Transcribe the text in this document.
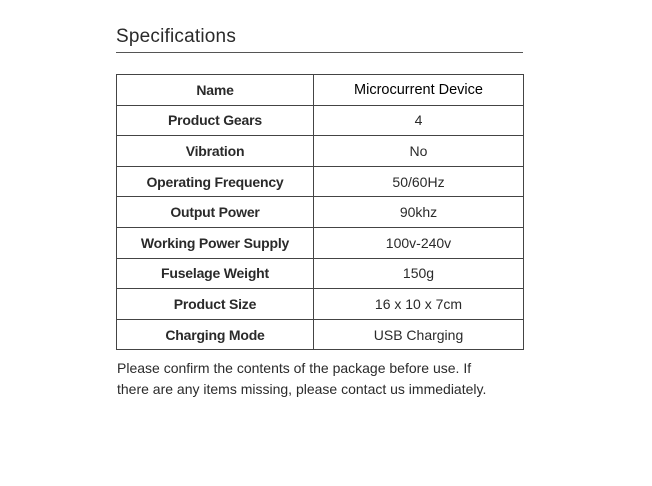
Specifications
Name	Microcurrent Device
Product Gears	4
Vibration	No
Operating Frequency	50/60Hz
Output Power	90khz
Working Power Supply	100v-240v
Fuselage Weight	150g
Product Size	16 x 10 x 7cm
Charging Mode	USB Charging

Please confirm the contents of the package before use. If
there are any items missing, please contact us immediately.
